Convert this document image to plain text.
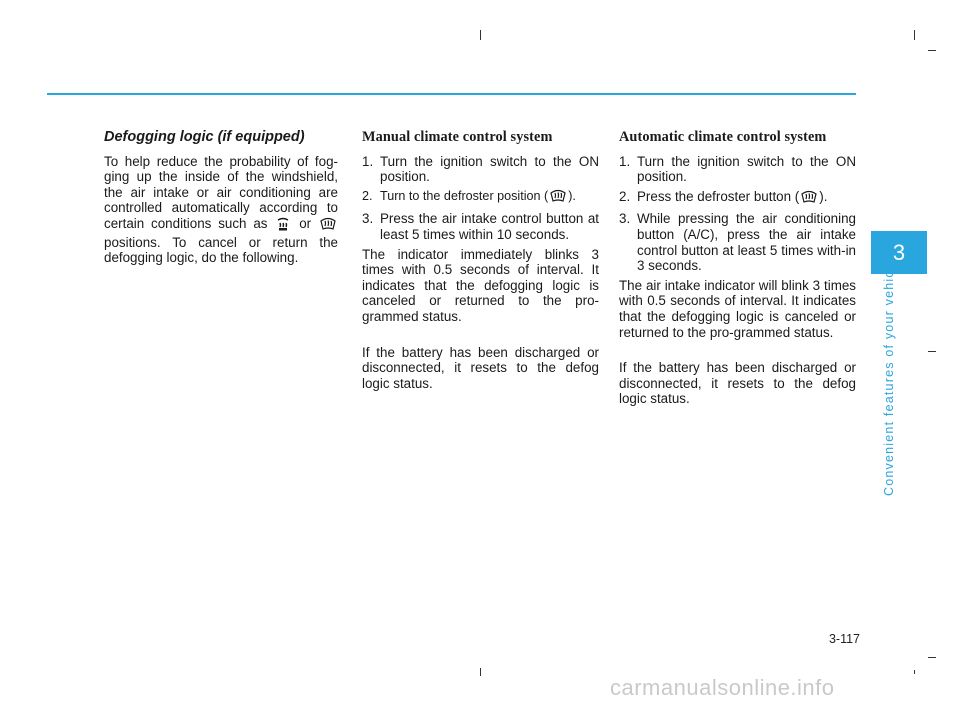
Defogging logic (if equipped)

To help reduce the probability of fog-ging up the inside of the windshield, the air intake or air conditioning are controlled automatically according to certain conditions such as or  positions. To cancel or return the defogging logic, do the following.

Manual climate control system
1. Turn the ignition switch to the ON position.
2. Turn to the defroster position ( ).
3. Press the air intake control button at least 5 times within 10 seconds.

The indicator immediately blinks 3 times with 0.5 seconds of interval. It indicates that the defogging logic is canceled or returned to the pro-grammed status.

If the battery has been discharged or disconnected, it resets to the defog logic status.

Automatic climate control system
1. Turn the ignition switch to the ON position.
2. Press the defroster button ( ).
3. While pressing the air conditioning button (A/C), press the air intake control button at least 5 times with-in 3 seconds.

The air intake indicator will blink 3 times with 0.5 seconds of interval. It indicates that the defogging logic is canceled or returned to the pro-grammed status.

If the battery has been discharged or disconnected, it resets to the defog logic status.

3
Convenient features of your vehicle
3-117
carmanualsonline.info
